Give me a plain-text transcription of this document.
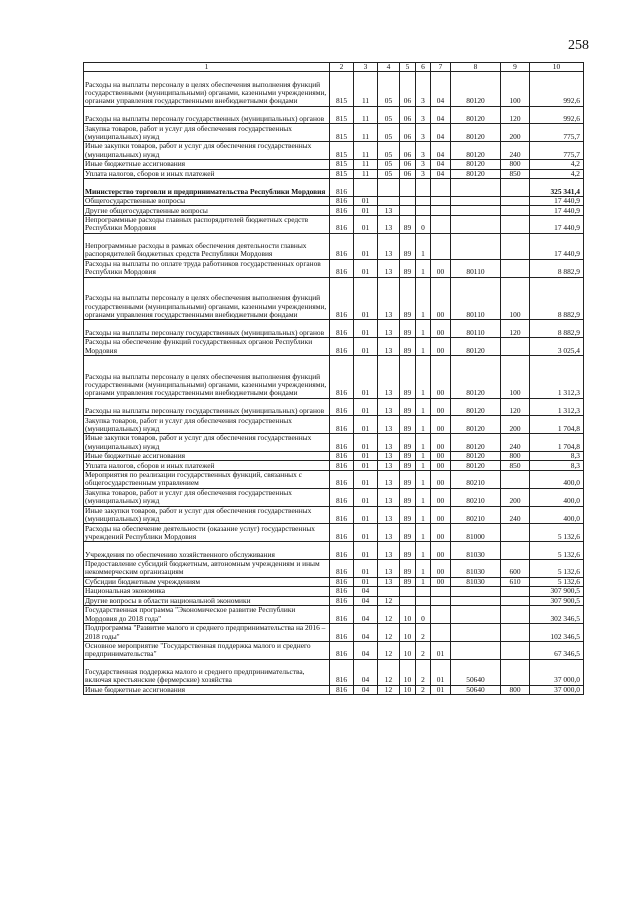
258
1	2	3	4	5	6	7	8	9	10
Расходы на выплаты персоналу в целях обеспечения выполнения функций государственными (муниципальными) органами, казенными учреждениями, органами управления государственными внебюджетными фондами	815	11	05	06	3	04	80120	100	992,6
Расходы на выплаты персоналу государственных (муниципальных) органов	815	11	05	06	3	04	80120	120	992,6
Закупка товаров, работ и услуг для обеспечения государственных (муниципальных) нужд	815	11	05	06	3	04	80120	200	775,7
Иные закупки товаров, работ и услуг для обеспечения государственных (муниципальных) нужд	815	11	05	06	3	04	80120	240	775,7
Иные бюджетные ассигнования	815	11	05	06	3	04	80120	800	4,2
Уплата налогов, сборов и иных платежей	815	11	05	06	3	04	80120	850	4,2
Министерство торговли и предпринимательства Республики Мордовия	816								325 341,4
Общегосударственные вопросы	816	01							17 440,9
Другие общегосударственные вопросы	816	01	13						17 440,9
Непрограммные расходы главных распорядителей бюджетных средств Республики Мордовия	816	01	13	89	0				17 440,9
Непрограммные расходы в рамках обеспечения деятельности главных распорядителей бюджетных средств Республики Мордовия	816	01	13	89	1				17 440,9
Расходы на выплаты по оплате труда работников государственных органов Республики Мордовия	816	01	13	89	1	00	80110		8 882,9
Расходы на выплаты персоналу в целях обеспечения выполнения функций государственными (муниципальными) органами, казенными учреждениями, органами управления государственными внебюджетными фондами	816	01	13	89	1	00	80110	100	8 882,9
Расходы на выплаты персоналу государственных (муниципальных) органов	816	01	13	89	1	00	80110	120	8 882,9
Расходы на обеспечение функций государственных органов Республики Мордовия	816	01	13	89	1	00	80120		3 025,4
Расходы на выплаты персоналу в целях обеспечения выполнения функций государственными (муниципальными) органами, казенными учреждениями, органами управления государственными внебюджетными фондами	816	01	13	89	1	00	80120	100	1 312,3
Расходы на выплаты персоналу государственных (муниципальных) органов	816	01	13	89	1	00	80120	120	1 312,3
Закупка товаров, работ и услуг для обеспечения государственных (муниципальных) нужд	816	01	13	89	1	00	80120	200	1 704,8
Иные закупки товаров, работ и услуг для обеспечения государственных (муниципальных) нужд	816	01	13	89	1	00	80120	240	1 704,8
Иные бюджетные ассигнования	816	01	13	89	1	00	80120	800	8,3
Уплата налогов, сборов и иных платежей	816	01	13	89	1	00	80120	850	8,3
Мероприятия по реализации государственных функций, связанных с общегосударственным управлением	816	01	13	89	1	00	80210		400,0
Закупка товаров, работ и услуг для обеспечения государственных (муниципальных) нужд	816	01	13	89	1	00	80210	200	400,0
Иные закупки товаров, работ и услуг для обеспечения государственных (муниципальных) нужд	816	01	13	89	1	00	80210	240	400,0
Расходы на обеспечение деятельности (оказание услуг) государственных учреждений Республики Мордовия	816	01	13	89	1	00	81000		5 132,6
Учреждения по обеспечению хозяйственного обслуживания	816	01	13	89	1	00	81030		5 132,6
Предоставление субсидий бюджетным, автономным учреждениям и иным некоммерческим организациям	816	01	13	89	1	00	81030	600	5 132,6
Субсидии бюджетным учреждениям	816	01	13	89	1	00	81030	610	5 132,6
Национальная экономика	816	04							307 900,5
Другие вопросы в области национальной экономики	816	04	12						307 900,5
Государственная программа "Экономическое развитие Республики Мордовия до 2018 года"	816	04	12	10	0				302 346,5
Подпрограмма "Развитие малого и среднего предпринимательства на 2016 – 2018 годы"	816	04	12	10	2				102 346,5
Основное мероприятие "Государственная поддержка малого и среднего предпринимательства"	816	04	12	10	2	01			67 346,5
Государственная поддержка малого и среднего предпринимательства, включая крестьянские (фермерские) хозяйства	816	04	12	10	2	01	50640		37 000,0
Иные бюджетные ассигнования	816	04	12	10	2	01	50640	800	37 000,0
